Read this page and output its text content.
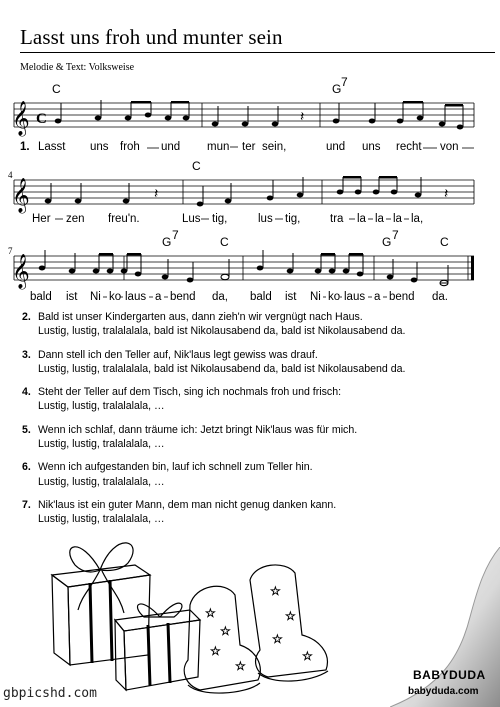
Lasst uns froh und munter sein
Melodie & Text: Volksweise
𝄞 C	𝄽
C	G 7
1. Lasst uns froh und mun ter sein,	und uns recht von
4
𝄞	𝄽	𝄽
C
Her zen freu'n.	Lus tig,	lus tig,	tra la la la la,
7
𝄞
G 7	C	G 7	C
bald ist Ni ko laus a bend da, bald ist Ni ko laus a bend da.
2. Bald ist unser Kindergarten aus, dann zieh'n wir vergnügt nach Haus.
Lustig, lustig, tralalalala, bald ist Nikolausabend da, bald ist Nikolausabend da.
3. Dann stell ich den Teller auf, Nik'laus legt gewiss was drauf.
Lustig, lustig, tralalalala, bald ist Nikolausabend da, bald ist Nikolausabend da.
4. Steht der Teller auf dem Tisch, sing ich nochmals froh und frisch:
Lustig, lustig, tralalalala, …
5. Wenn ich schlaf, dann träume ich: Jetzt bringt Nik'laus was für mich.
Lustig, lustig, tralalalala, …
6. Wenn ich aufgestanden bin, lauf ich schnell zum Teller hin.
Lustig, lustig, tralalalala, …
7. Nik'laus ist ein guter Mann, dem man nicht genug danken kann.
Lustig, lustig, tralalalala, …
☆
☆
☆
☆
☆
☆
☆
☆
BABYDUDA
babyduda.com
gbpicshd.com
